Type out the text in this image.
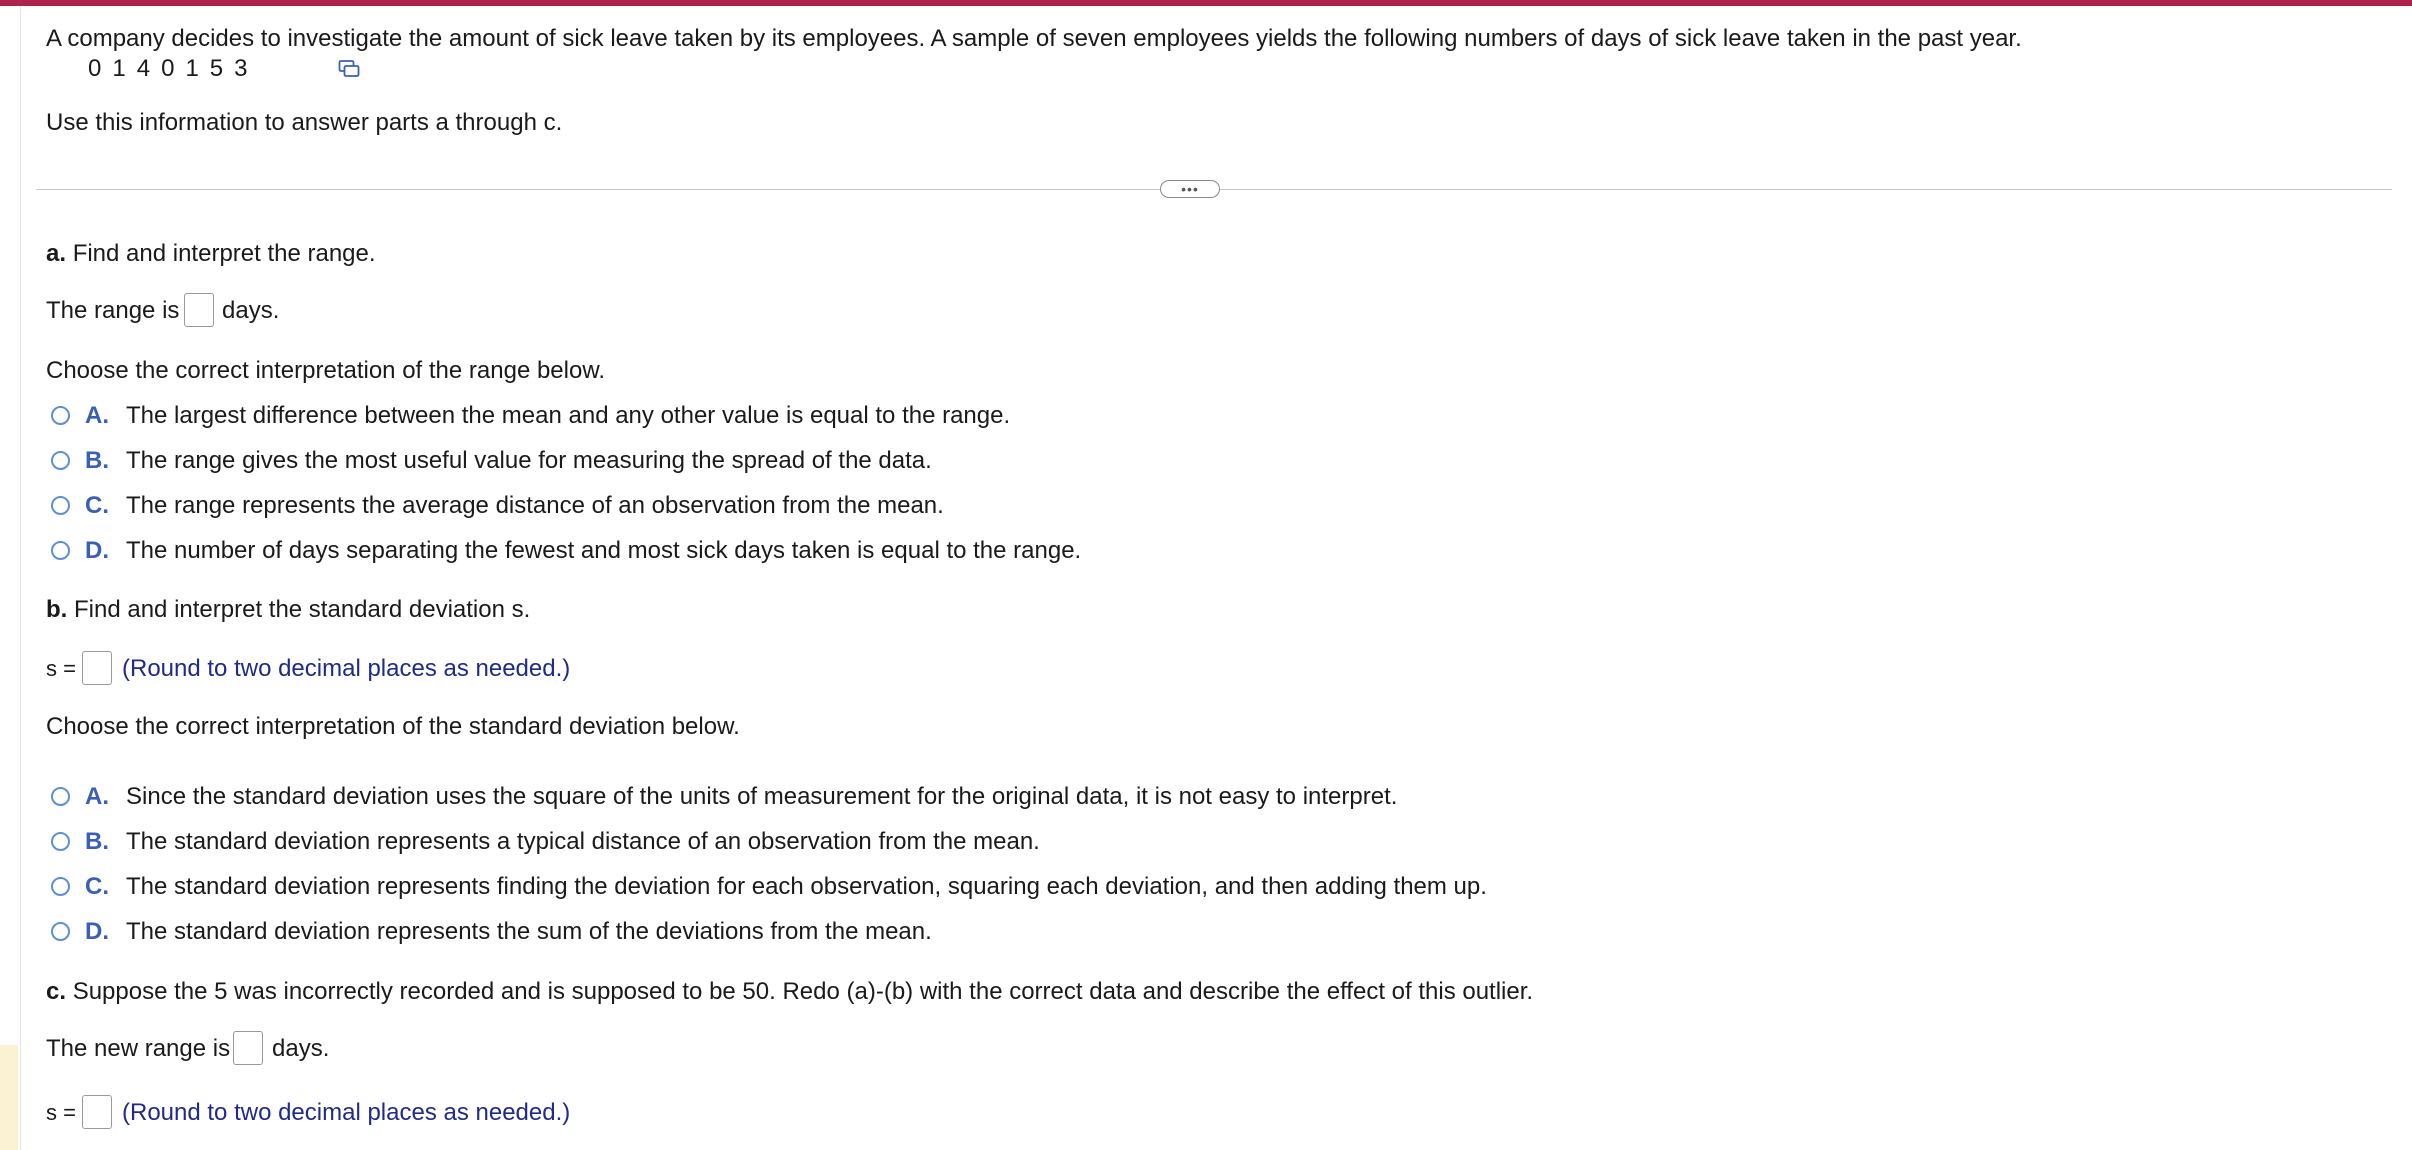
A company decides to investigate the amount of sick leave taken by its employees. A sample of seven employees yields the following numbers of days of sick leave taken in the past year.
0 1 4 0 1 5 3
Use this information to answer parts a through c.
•••
a. Find and interpret the range.
The range is days.
Choose the correct interpretation of the range below.
A. The largest difference between the mean and any other value is equal to the range.
B. The range gives the most useful value for measuring the spread of the data.
C. The range represents the average distance of an observation from the mean.
D. The number of days separating the fewest and most sick days taken is equal to the range.
b. Find and interpret the standard deviation s.
s = (Round to two decimal places as needed.)
Choose the correct interpretation of the standard deviation below.
A. Since the standard deviation uses the square of the units of measurement for the original data, it is not easy to interpret.
B. The standard deviation represents a typical distance of an observation from the mean.
C. The standard deviation represents finding the deviation for each observation, squaring each deviation, and then adding them up.
D. The standard deviation represents the sum of the deviations from the mean.
c. Suppose the 5 was incorrectly recorded and is supposed to be 50. Redo (a)-(b) with the correct data and describe the effect of this outlier.
The new range is days.
s = (Round to two decimal places as needed.)
